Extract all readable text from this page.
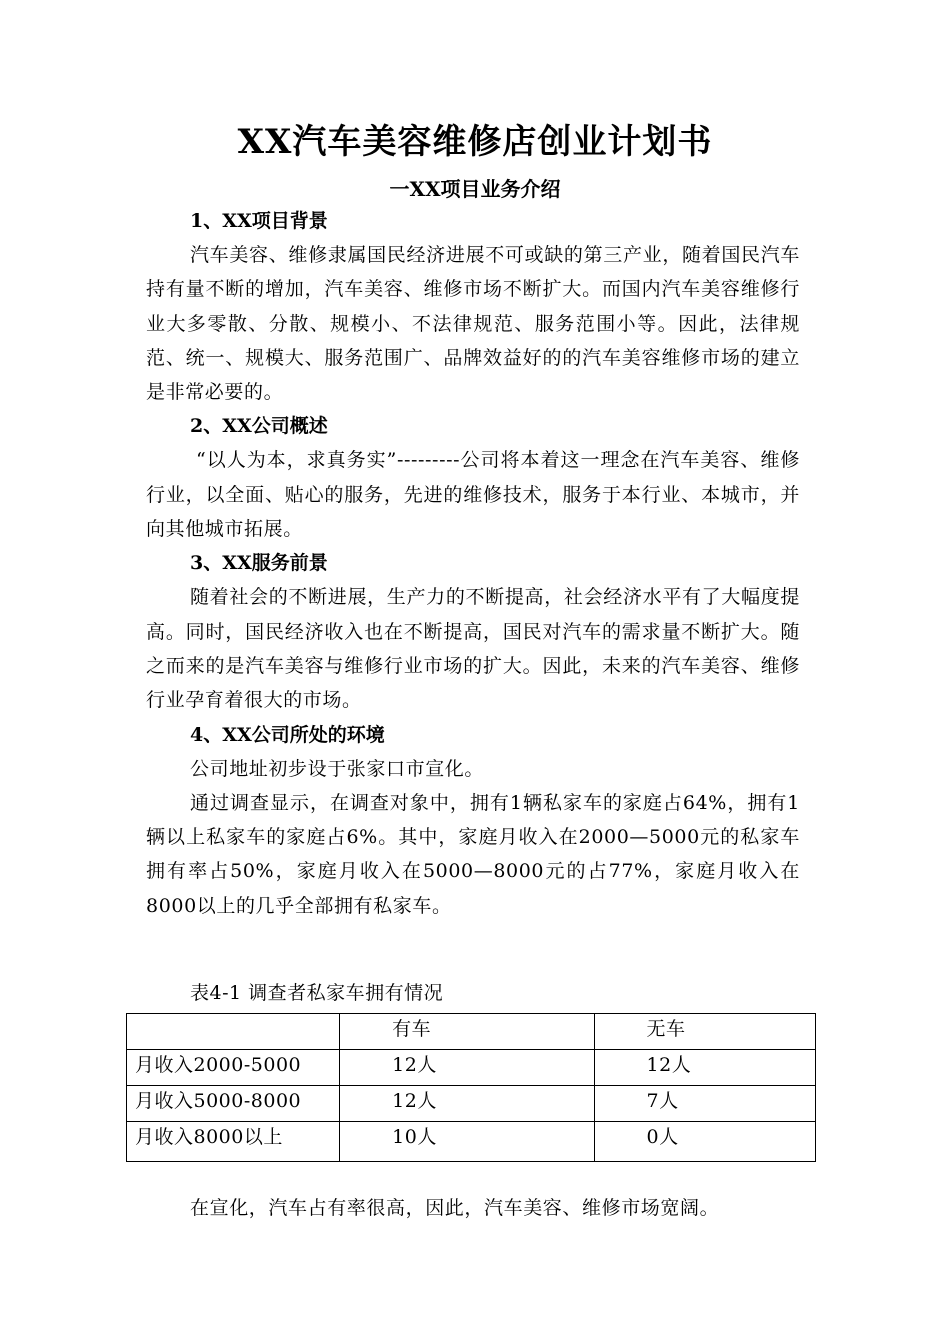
XX汽车美容维修店创业计划书
一XX项目业务介绍

1、XX项目背景

汽车美容、维修隶属国民经济进展不可或缺的第三产业，随着国民汽车持有量不断的增加，汽车美容、维修市场不断扩大。而国内汽车美容维修行业大多零散、分散、规模小、不法律规范、服务范围小等。因此，法律规范、统一、规模大、服务范围广、品牌效益好的的汽车美容维修市场的建立是非常必要的。

2、XX公司概述

“以人为本，求真务实”---------公司将本着这一理念在汽车美容、维修行业，以全面、贴心的服务，先进的维修技术，服务于本行业、本城市，并向其他城市拓展。

3、XX服务前景

随着社会的不断进展，生产力的不断提高，社会经济水平有了大幅度提高。同时，国民经济收入也在不断提高，国民对汽车的需求量不断扩大。随之而来的是汽车美容与维修行业市场的扩大。因此，未来的汽车美容、维修行业孕育着很大的市场。

4、XX公司所处的环境

公司地址初步设于张家口市宣化。

通过调查显示，在调查对象中，拥有1辆私家车的家庭占64%，拥有1辆以上私家车的家庭占6%。其中，家庭月收入在2000—5000元的私家车拥有率占50%，家庭月收入在5000—8000元的占77%，家庭月收入在8000以上的几乎全部拥有私家车。

表4-1 调查者私家车拥有情况
	有车	无车
月收入2000-5000	12人	12人
月收入5000-8000	12人	7人
月收入8000以上	10人	0人
在宣化，汽车占有率很高，因此，汽车美容、维修市场宽阔。
